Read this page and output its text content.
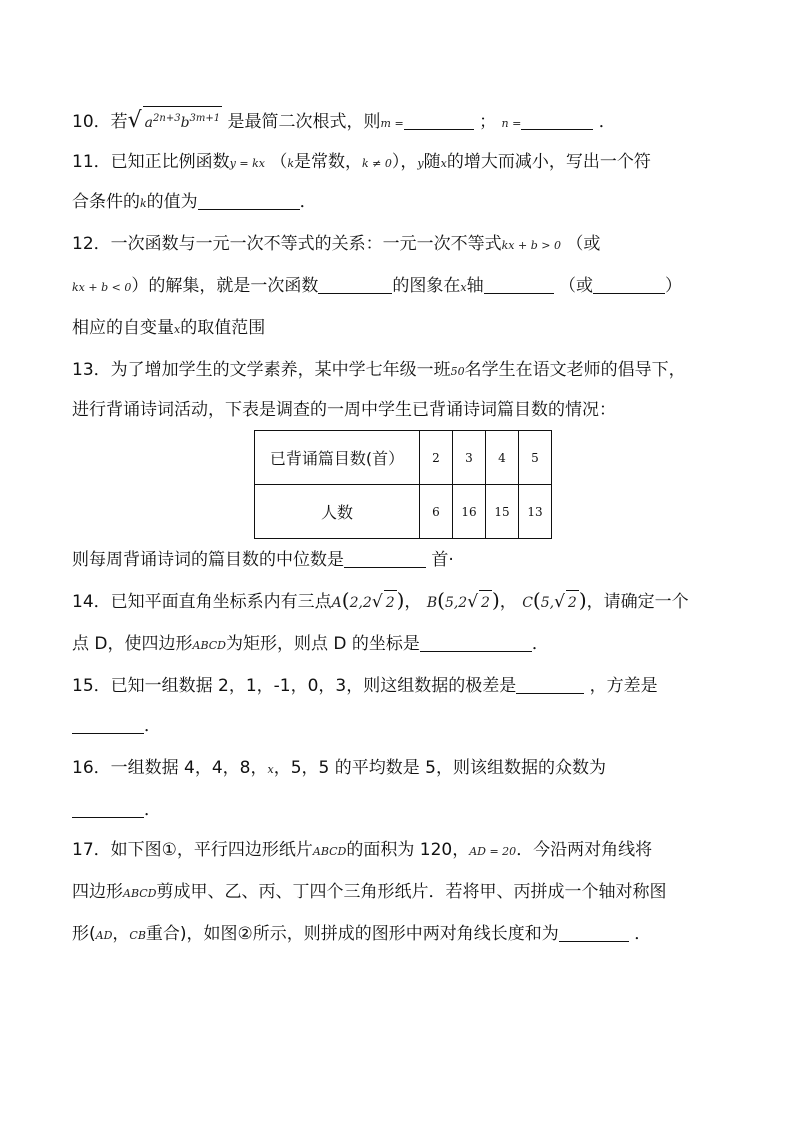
10．若√ $a^{2n+3}b^{3m+1}$ 是最简二次根式，则m =	； n =	．
11．已知正比例函数y = kx （k是常数，k ≠ 0），y随x的增大而减小，写出一个符
合条件的k的值为	．
12．一次函数与一元一次不等式的关系：一元一次不等式kx + b > 0 （或
kx + b < 0）的解集，就是一次函数	的图象在x轴	（或	）
相应的自变量x的取值范围
13．为了增加学生的文学素养，某中学七年级一班50名学生在语文老师的倡导下，
进行背诵诗词活动，下表是调查的一周中学生已背诵诗词篇目数的情况：
已背诵篇目数(首）	2	3	4	5
人数	6	16	15	13
则每周背诵诗词的篇目数的中位数是	首·
14．已知平面直角坐标系内有三点A(2,2√ 2 )， B(5,2√ 2 )， C(5,√ 2 )，请确定一个
点 D，使四边形ABCD为矩形，则点 D 的坐标是	．
15．已知一组数据 2，1，-1，0，3，则这组数据的极差是	，方差是
．
16．一组数据 4，4，8，x，5，5 的平均数是 5，则该组数据的众数为
．
17．如下图①，平行四边形纸片ABCD的面积为 120，AD = 20．今沿两对角线将
四边形ABCD剪成甲、乙、丙、丁四个三角形纸片．若将甲、丙拼成一个轴对称图
形(AD，CB重合)，如图②所示，则拼成的图形中两对角线长度和为	．
